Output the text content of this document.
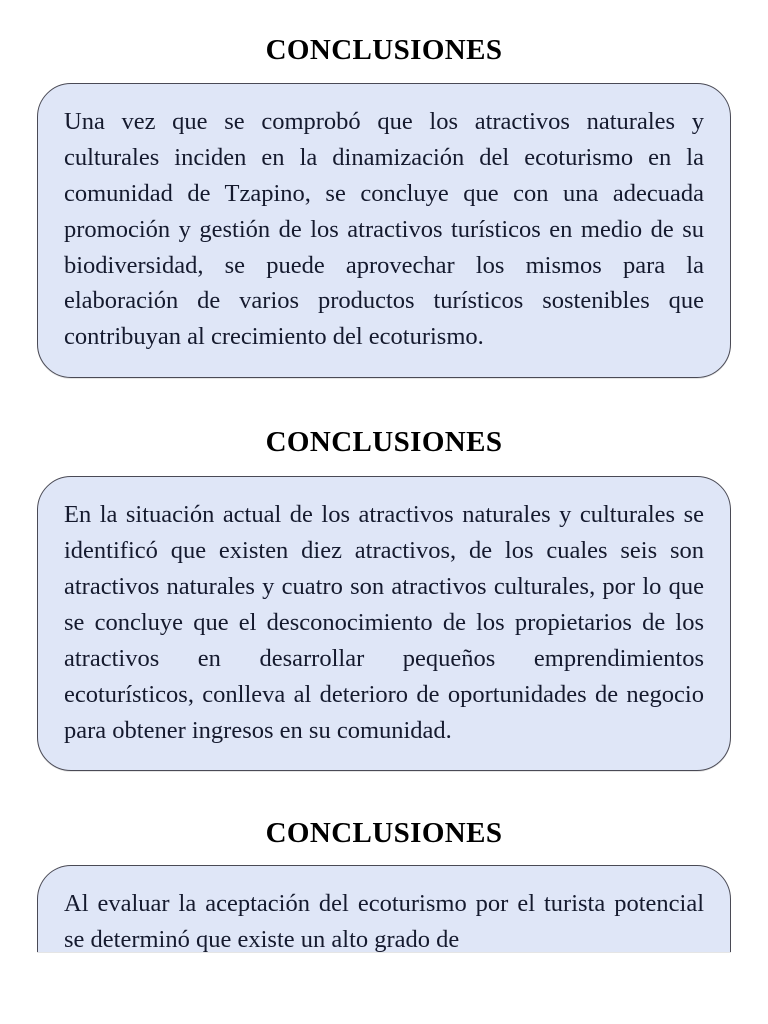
CONCLUSIONES

Una vez que se comprobó que los atractivos naturales y culturales inciden en la dinamización del ecoturismo en la comunidad de Tzapino, se concluye que con una adecuada promoción y gestión de los atractivos turísticos en medio de su biodiversidad, se puede aprovechar los mismos para la elaboración de varios productos turísticos sostenibles que contribuyan al crecimiento del ecoturismo.

CONCLUSIONES

En la situación actual de los atractivos naturales y culturales se identificó que existen diez atractivos, de los cuales seis son atractivos naturales y cuatro son atractivos culturales, por lo que se concluye que el desconocimiento de los propietarios de los atractivos en desarrollar pequeños emprendimientos ecoturísticos, conlleva al deterioro de oportunidades de negocio para obtener ingresos en su comunidad.

CONCLUSIONES

Al evaluar la aceptación del ecoturismo por el turista potencial se determinó que existe un alto grado de
